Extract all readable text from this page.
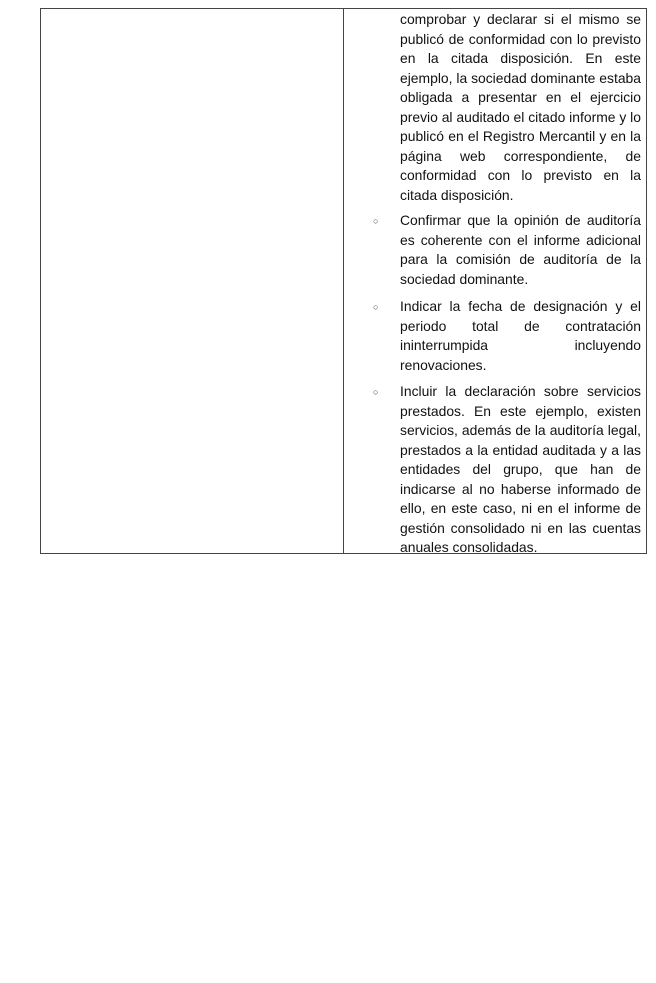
comprobar y declarar si el mismo se publicó de conformidad con lo previsto en la citada disposición. En este ejemplo, la sociedad dominante estaba obligada a presentar en el ejercicio previo al auditado el citado informe y lo publicó en el Registro Mercantil y en la página web correspondiente, de conformidad con lo previsto en la citada disposición.

○ Confirmar que la opinión de auditoría es coherente con el informe adicional para la comisión de auditoría de la sociedad dominante.

○ Indicar la fecha de designación y el periodo total de contratación ininterrumpida incluyendo renovaciones.

○ Incluir la declaración sobre servicios prestados. En este ejemplo, existen servicios, además de la auditoría legal, prestados a la entidad auditada y a las entidades del grupo, que han de indicarse al no haberse informado de ello, en este caso, ni en el informe de gestión consolidado ni en las cuentas anuales consolidadas.
